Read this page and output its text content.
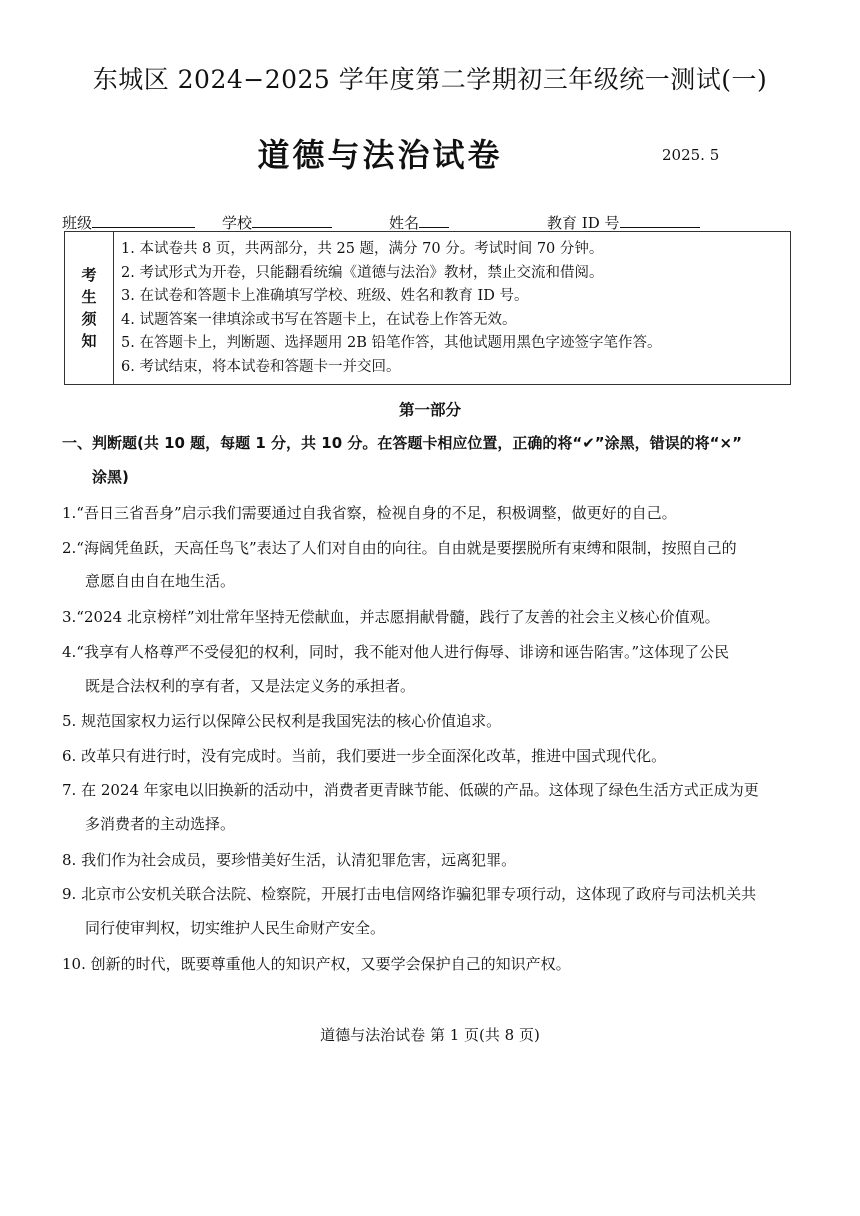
东城区 2024−2025 学年度第二学期初三年级统一测试(一)
道德与法治试卷	2025. 5
班级	学校	姓名	教育 ID 号
考
生
须
知
1. 本试卷共 8 页，共两部分，共 25 题，满分 70 分。考试时间 70 分钟。
2. 考试形式为开卷，只能翻看统编《道德与法治》教材，禁止交流和借阅。
3. 在试卷和答题卡上准确填写学校、班级、姓名和教育 ID 号。
4. 试题答案一律填涂或书写在答题卡上，在试卷上作答无效。
5. 在答题卡上，判断题、选择题用 2B 铅笔作答，其他试题用黑色字迹签字笔作答。
6. 考试结束，将本试卷和答题卡一并交回。
第一部分
一、判断题(共 10 题，每题 1 分，共 10 分。在答题卡相应位置，正确的将“✔”涂黑，错误的将“×”
涂黑)
1.“吾日三省吾身”启示我们需要通过自我省察，检视自身的不足，积极调整，做更好的自己。
2.“海阔凭鱼跃，天高任鸟飞”表达了人们对自由的向往。自由就是要摆脱所有束缚和限制，按照自己的
意愿自由自在地生活。
3.“2024 北京榜样”刘壮常年坚持无偿献血，并志愿捐献骨髓，践行了友善的社会主义核心价值观。
4.“我享有人格尊严不受侵犯的权利，同时，我不能对他人进行侮辱、诽谤和诬告陷害。”这体现了公民
既是合法权利的享有者，又是法定义务的承担者。
5. 规范国家权力运行以保障公民权利是我国宪法的核心价值追求。
6. 改革只有进行时，没有完成时。当前，我们要进一步全面深化改革，推进中国式现代化。
7. 在 2024 年家电以旧换新的活动中，消费者更青睐节能、低碳的产品。这体现了绿色生活方式正成为更
多消费者的主动选择。
8. 我们作为社会成员，要珍惜美好生活，认清犯罪危害，远离犯罪。
9. 北京市公安机关联合法院、检察院，开展打击电信网络诈骗犯罪专项行动，这体现了政府与司法机关共
同行使审判权，切实维护人民生命财产安全。
10. 创新的时代，既要尊重他人的知识产权，又要学会保护自己的知识产权。
道德与法治试卷 第 1 页(共 8 页)
